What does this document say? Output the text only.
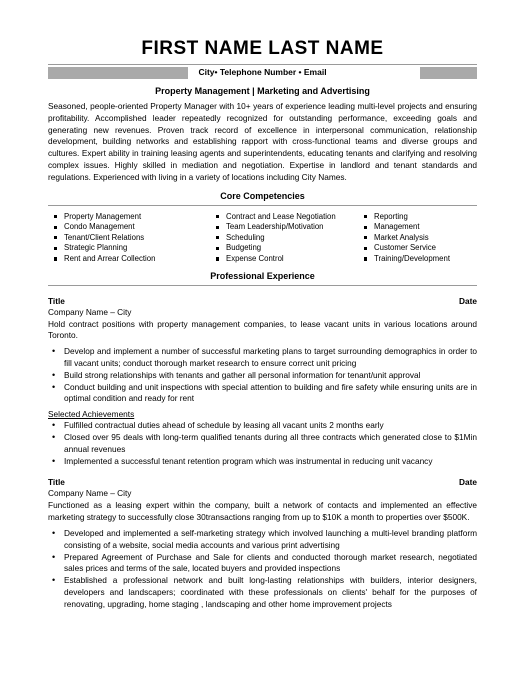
FIRST NAME LAST NAME
City• Telephone Number • Email
Property Management | Marketing and Advertising
Seasoned, people-oriented Property Manager with 10+ years of experience leading multi-level projects and ensuring profitability. Accomplished leader repeatedly recognized for outstanding performance, exceeding goals and generating new revenues. Proven track record of excellence in interpersonal communication, relationship development, building networks and establishing rapport with cross-functional teams and diverse groups and cultures. Expert ability in training leasing agents and superintendents, educating tenants and clarifying and resolving complex issues. Highly skilled in mediation and negotiation. Expertise in landlord and tenant standards and regulations. Experienced with living in a variety of locations including City Names.
Core Competencies
Property Management
Condo Management
Tenant/Client Relations
Strategic Planning
Rent and Arrear Collection
Contract and Lease Negotiation
Team Leadership/Motivation
Scheduling
Budgeting
Expense Control
Reporting
Management
Market Analysis
Customer Service
Training/Development
Professional Experience
Title	Date
Company Name – City
Hold contract positions with property management companies, to lease vacant units in various locations around Toronto.
• Develop and implement a number of successful marketing plans to target surrounding demographics in order to fill vacant units; conduct thorough market research to ensure correct unit pricing
• Build strong relationships with tenants and gather all personal information for tenant/unit approval
• Conduct building and unit inspections with special attention to building and fire safety while ensuring units are in optimal condition and ready for rent
Selected Achievements
• Fulfilled contractual duties ahead of schedule by leasing all vacant units 2 months early
• Closed over 95 deals with long-term qualified tenants during all three contracts which generated close to $1Min annual revenues
• Implemented a successful tenant retention program which was instrumental in reducing unit vacancy
Title	Date
Company Name – City
Functioned as a leasing expert within the company, built a network of contacts and implemented an effective marketing strategy to successfully close 30transactions ranging from up to $10K a month to properties over $500K.
• Developed and implemented a self-marketing strategy which involved launching a multi-level branding platform consisting of a website, social media accounts and various print advertising
• Prepared Agreement of Purchase and Sale for clients and conducted thorough market research, negotiated sales prices and terms of the sale, located buyers and provided inspections
• Established a professional network and built long-lasting relationships with builders, interior designers, developers and landscapers; coordinated with these professionals on clients' behalf for the purposes of renovating, upgrading, home staging , landscaping and other home improvement projects
